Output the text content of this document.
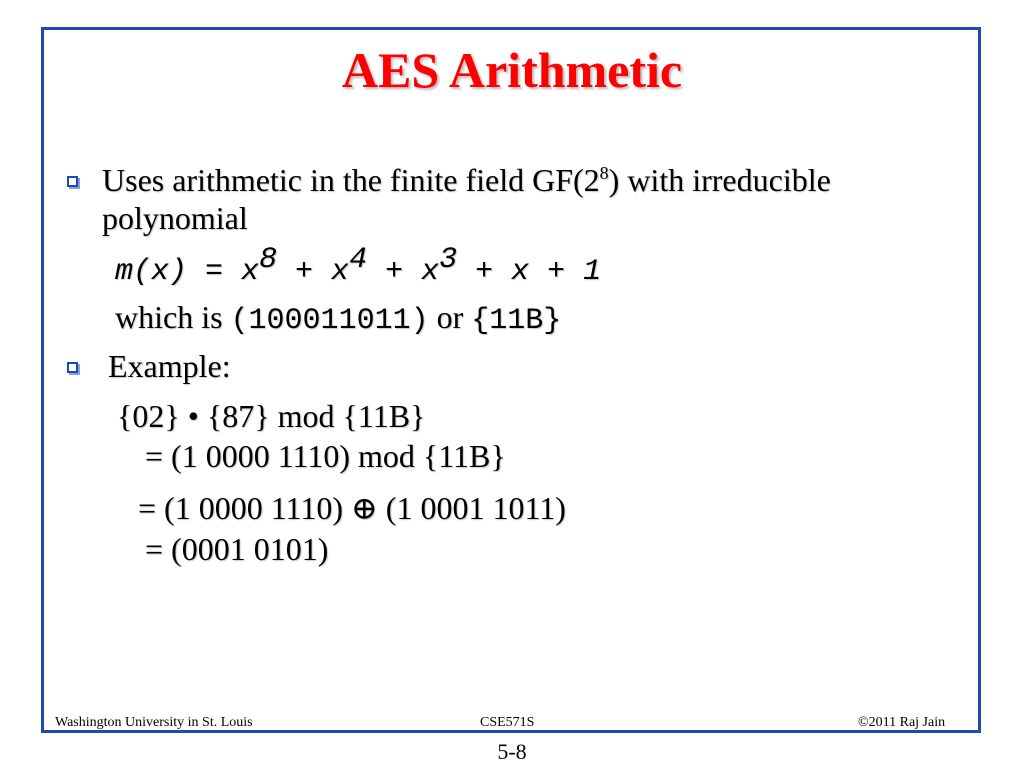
AES Arithmetic
Uses arithmetic in the finite field $GF(2^8)$ with irreducible
polynomial
$m(x) = x^8 + x^4 + x^3 + x + 1$
which is (100011011) or {11B}
Example:
{02} • {87} mod {11B}
= (1 0000 1110) mod {11B}
= (1 0000 1110) ⊕ (1 0001 1011)
= (0001 0101)
Washington University in St. Louis	CSE571S	©2011 Raj Jain
5-8
